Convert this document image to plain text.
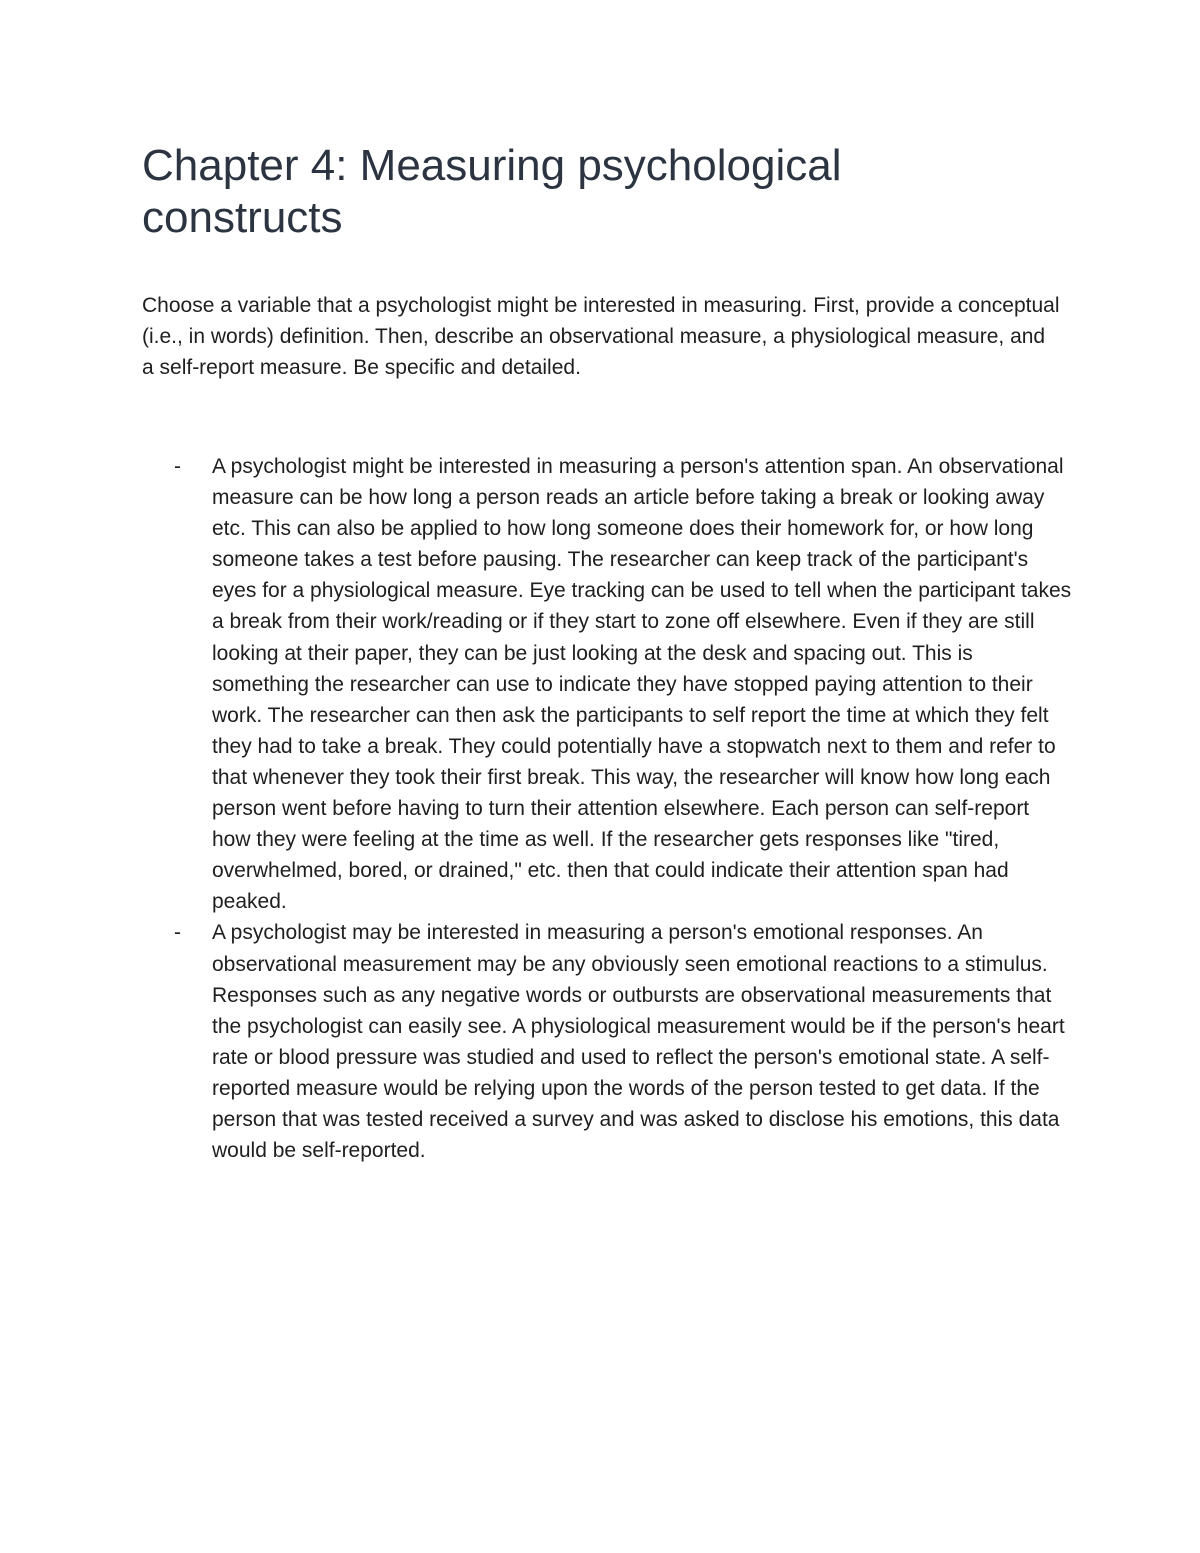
Chapter 4: Measuring psychological constructs

Choose a variable that a psychologist might be interested in measuring. First, provide a conceptual (i.e., in words) definition. Then, describe an observational measure, a physiological measure, and a self-report measure. Be specific and detailed.

- A psychologist might be interested in measuring a person's attention span. An observational measure can be how long a person reads an article before taking a break or looking away etc. This can also be applied to how long someone does their homework for, or how long someone takes a test before pausing. The researcher can keep track of the participant's eyes for a physiological measure. Eye tracking can be used to tell when the participant takes a break from their work/reading or if they start to zone off elsewhere. Even if they are still looking at their paper, they can be just looking at the desk and spacing out. This is something the researcher can use to indicate they have stopped paying attention to their work. The researcher can then ask the participants to self report the time at which they felt they had to take a break. They could potentially have a stopwatch next to them and refer to that whenever they took their first break. This way, the researcher will know how long each person went before having to turn their attention elsewhere. Each person can self-report how they were feeling at the time as well. If the researcher gets responses like "tired, overwhelmed, bored, or drained," etc. then that could indicate their attention span had peaked.
- A psychologist may be interested in measuring a person's emotional responses. An observational measurement may be any obviously seen emotional reactions to a stimulus. Responses such as any negative words or outbursts are observational measurements that the psychologist can easily see. A physiological measurement would be if the person's heart rate or blood pressure was studied and used to reflect the person's emotional state. A self-reported measure would be relying upon the words of the person tested to get data. If the person that was tested received a survey and was asked to disclose his emotions, this data would be self-reported.
